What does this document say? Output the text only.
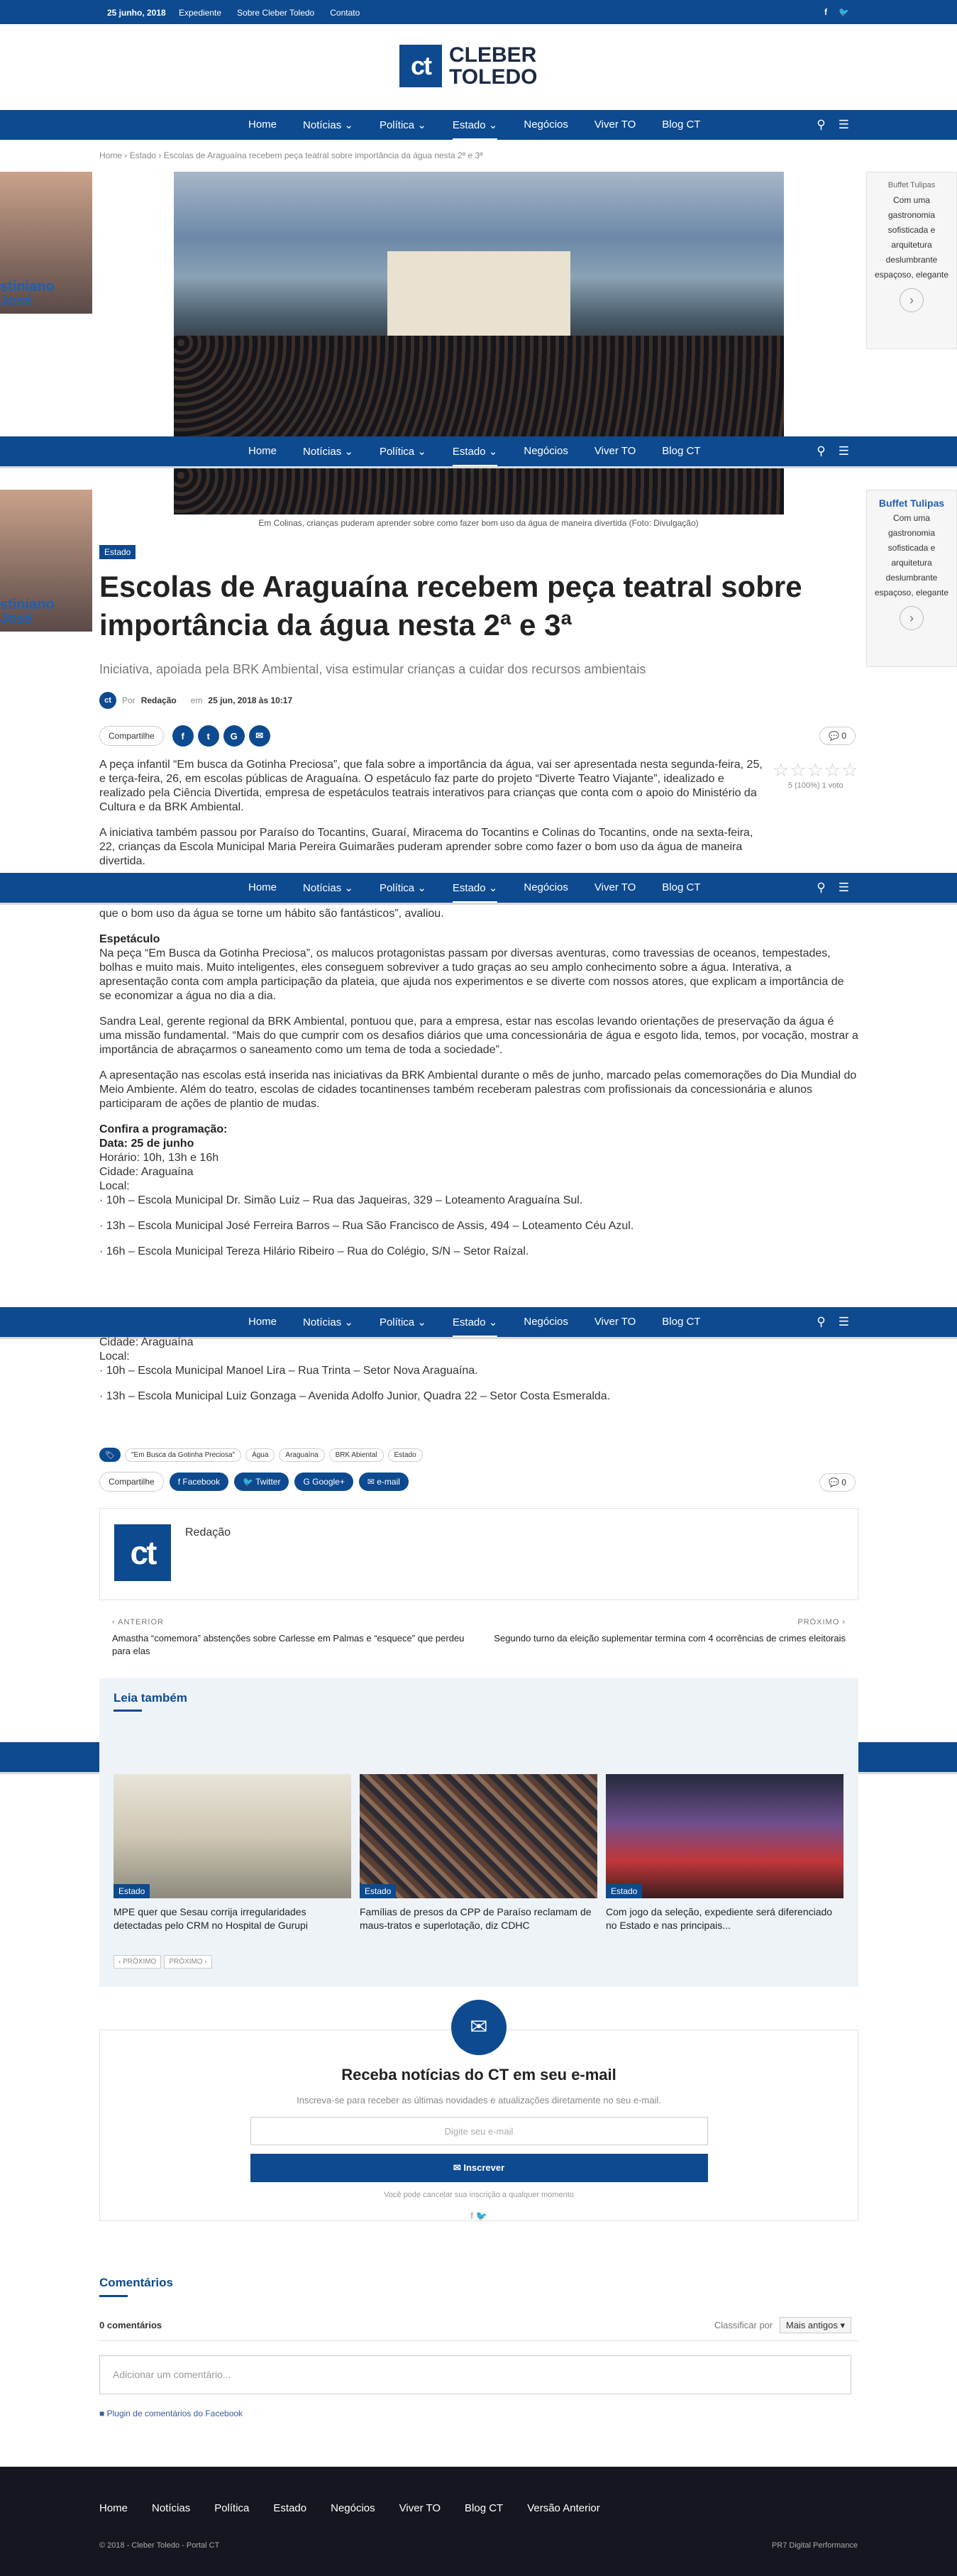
25 junho, 2018 Expediente Sobre Cleber Toledo Contato	f 🐦
ct CLEBER
TOLEDO
Home Notícias ⌄ Política ⌄ Estado ⌄ Negócios Viver TO Blog CT	⚲ ☰
Home Notícias ⌄ Política ⌄ Estado ⌄ Negócios Viver TO Blog CT	⚲ ☰
Home Notícias ⌄ Política ⌄ Estado ⌄ Negócios Viver TO Blog CT	⚲ ☰
Home Notícias ⌄ Política ⌄ Estado ⌄ Negócios Viver TO Blog CT	⚲ ☰
Home › Estado › Escolas de Araguaína recebem peça teatral sobre importância da água nesta 2ª e 3ª
stiniano
José
stiniano
José
Buffet Tulipas
Com uma
gastronomia
sofisticada e
arquitetura
deslumbrante
espaçoso, elegante
›
Buffet Tulipas
Com uma
gastronomia
sofisticada e
arquitetura
deslumbrante
espaçoso, elegante
›
Em Colinas, crianças puderam aprender sobre como fazer bom uso da água de maneira divertida (Foto: Divulgação)
Estado
Escolas de Araguaína recebem peça teatral sobre importância da água nesta 2ª e 3ª
Iniciativa, apoiada pela BRK Ambiental, visa estimular crianças a cuidar dos recursos ambientais
ct	Por Redação em 25 jun, 2018 às 10:17
Compartilhe	f	t	G	✉	💬 0
☆☆☆☆☆
5 (100%) 1 voto

A peça infantil “Em busca da Gotinha Preciosa”, que fala sobre a importância da água, vai ser apresentada nesta segunda-feira, 25, e terça-feira, 26, em escolas públicas de Araguaína. O espetáculo faz parte do projeto “Diverte Teatro Viajante”, idealizado e realizado pela Ciência Divertida, empresa de espetáculos teatrais interativos para crianças que conta com o apoio do Ministério da Cultura e da BRK Ambiental.

A iniciativa também passou por Paraíso do Tocantins, Guaraí, Miracema do Tocantins e Colinas do Tocantins, onde na sexta-feira, 22, crianças da Escola Municipal Maria Pereira Guimarães puderam aprender sobre como fazer o bom uso da água de maneira divertida.

que o bom uso da água se torne um hábito são fantásticos”, avaliou.

Espetáculo

Na peça “Em Busca da Gotinha Preciosa”, os malucos protagonistas passam por diversas aventuras, como travessias de oceanos, tempestades, bolhas e muito mais. Muito inteligentes, eles conseguem sobreviver a tudo graças ao seu amplo conhecimento sobre a água. Interativa, a apresentação conta com ampla participação da plateia, que ajuda nos experimentos e se diverte com nossos atores, que explicam a importância de se economizar a água no dia a dia.

Sandra Leal, gerente regional da BRK Ambiental, pontuou que, para a empresa, estar nas escolas levando orientações de preservação da água é uma missão fundamental. “Mais do que cumprir com os desafios diários que uma concessionária de água e esgoto lida, temos, por vocação, mostrar a importância de abraçarmos o saneamento como um tema de toda a sociedade”.

A apresentação nas escolas está inserida nas iniciativas da BRK Ambiental durante o mês de junho, marcado pelas comemorações do Dia Mundial do Meio Ambiente. Além do teatro, escolas de cidades tocantinenses também receberam palestras com profissionais da concessionária e alunos participaram de ações de plantio de mudas.

Confira a programação:
Data: 25 de junho
Horário: 10h, 13h e 16h
Cidade: Araguaína
Local:
· 10h – Escola Municipal Dr. Simão Luiz – Rua das Jaqueiras, 329 – Loteamento Araguaína Sul.
· 13h – Escola Municipal José Ferreira Barros – Rua São Francisco de Assis, 494 – Loteamento Céu Azul.
· 16h – Escola Municipal Tereza Hilário Ribeiro – Rua do Colégio, S/N – Setor Raízal.
Cidade: Araguaína
Local:
· 10h – Escola Municipal Manoel Lira – Rua Trinta – Setor Nova Araguaína.
· 13h – Escola Municipal Luiz Gonzaga – Avenida Adolfo Junior, Quadra 22 – Setor Costa Esmeralda.
🏷	"Em Busca da Gotinha Preciosa"	Água	Araguaína	BRK Abiental	Estado
Compartilhe	f Facebook	🐦 Twitter	G Google+	✉ e-mail	💬 0
ct
Redação
‹ ANTERIOR
Amastha “comemora” abstenções sobre Carlesse em Palmas e “esquece” que perdeu para elas
PRÓXIMO ›
Segundo turno da eleição suplementar termina com 4 ocorrências de crimes eleitorais
Leia também
Estado
MPE quer que Sesau corrija irregularidades detectadas pelo CRM no Hospital de Gurupi
Estado
Famílias de presos da CPP de Paraíso reclamam de maus-tratos e superlotação, diz CDHC
Estado
Com jogo da seleção, expediente será diferenciado no Estado e nas principais...
‹ PRÓXIMO	PRÓXIMO ›
✉
Receba notícias do CT em seu e-mail
Inscreva-se para receber as últimas novidades e atualizações diretamente no seu e-mail.
Digite seu e-mail
✉ Inscrever
Você pode cancelar sua inscrição a qualquer momento
f 🐦
Comentários
0 comentários	Classificar por Mais antigos ▾
Adicionar um comentário...
■ Plugin de comentários do Facebook
Home Notícias Política Estado Negócios Viver TO Blog CT Versão Anterior
© 2018 - Cleber Toledo - Portal CT	PR7 Digital Performance
